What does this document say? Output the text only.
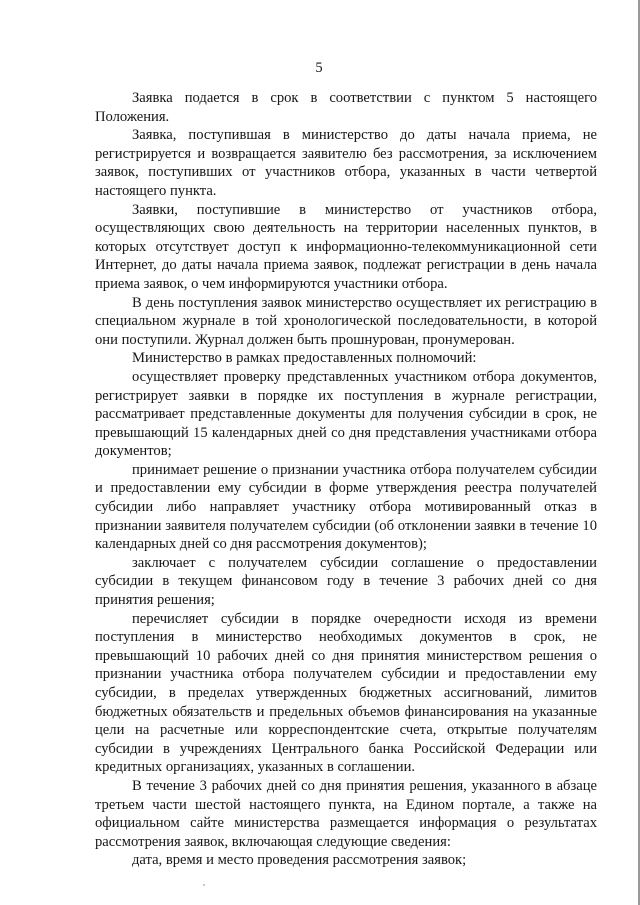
5

Заявка подается в срок в соответствии с пунктом 5 настоящего Положения.

Заявка, поступившая в министерство до даты начала приема, не регистрируется и возвращается заявителю без рассмотрения, за исключением заявок, поступивших от участников отбора, указанных в части четвертой настоящего пункта.

Заявки, поступившие в министерство от участников отбора, осуществляющих свою деятельность на территории населенных пунктов, в которых отсутствует доступ к информационно-телекоммуникационной сети Интернет, до даты начала приема заявок, подлежат регистрации в день начала приема заявок, о чем информируются участники отбора.

В день поступления заявок министерство осуществляет их регистрацию в специальном журнале в той хронологической последовательности, в которой они поступили. Журнал должен быть прошнурован, пронумерован.

Министерство в рамках предоставленных полномочий:

осуществляет проверку представленных участником отбора документов, регистрирует заявки в порядке их поступления в журнале регистрации, рассматривает представленные документы для получения субсидии в срок, не превышающий 15 календарных дней со дня представления участниками отбора документов;

принимает решение о признании участника отбора получателем субсидии и предоставлении ему субсидии в форме утверждения реестра получателей субсидии либо направляет участнику отбора мотивированный отказ в признании заявителя получателем субсидии (об отклонении заявки в течение 10 календарных дней со дня рассмотрения документов);

заключает с получателем субсидии соглашение о предоставлении субсидии в текущем финансовом году в течение 3 рабочих дней со дня принятия решения;

перечисляет субсидии в порядке очередности исходя из времени поступления в министерство необходимых документов в срок, не превышающий 10 рабочих дней со дня принятия министерством решения о признании участника отбора получателем субсидии и предоставлении ему субсидии, в пределах утвержденных бюджетных ассигнований, лимитов бюджетных обязательств и предельных объемов финансирования на указанные цели на расчетные или корреспондентские счета, открытые получателям субсидии в учреждениях Центрального банка Российской Федерации или кредитных организациях, указанных в соглашении.

В течение 3 рабочих дней со дня принятия решения, указанного в абзаце третьем части шестой настоящего пункта, на Едином портале, а также на официальном сайте министерства размещается информация о результатах рассмотрения заявок, включающая следующие сведения:

дата, время и место проведения рассмотрения заявок;
